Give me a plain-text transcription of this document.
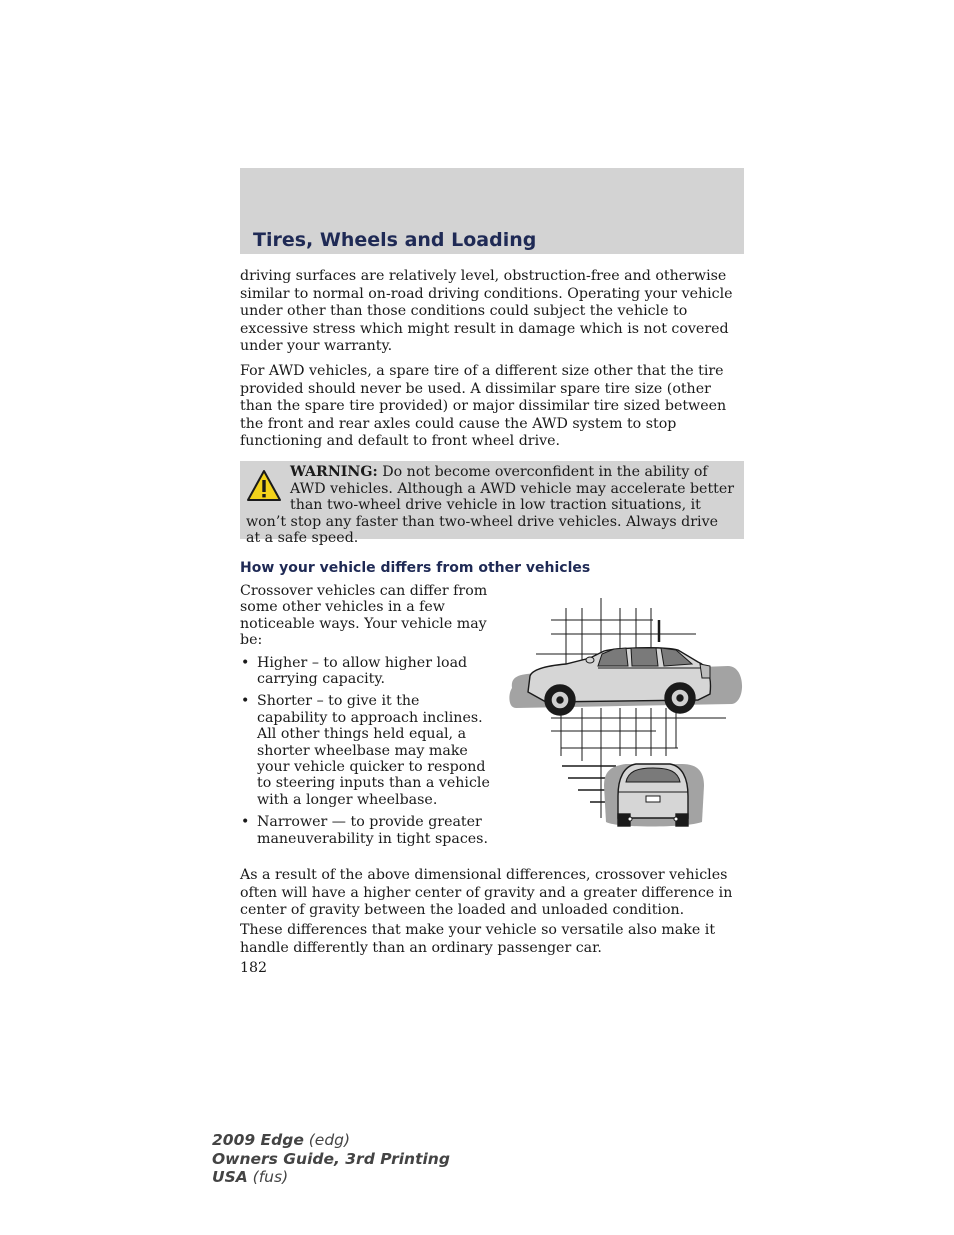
Tires, Wheels and Loading

driving surfaces are relatively level, obstruction-free and otherwise similar to normal on-road driving conditions. Operating your vehicle under other than those conditions could subject the vehicle to excessive stress which might result in damage which is not covered under your warranty.

For AWD vehicles, a spare tire of a different size other that the tire provided should never be used. A dissimilar spare tire size (other than the spare tire provided) or major dissimilar tire sized between the front and rear axles could cause the AWD system to stop functioning and default to front wheel drive.

WARNING: Do not become overconfident in the ability of AWD vehicles. Although a AWD vehicle may accelerate better than two-wheel drive vehicle in low traction situations, it won’t stop any faster than two-wheel drive vehicles. Always drive at a safe speed.
How your vehicle differs from other vehicles

Crossover vehicles can differ from some other vehicles in a few noticeable ways. Your vehicle may be:

• Higher – to allow higher load carrying capacity.
• Shorter – to give it the capability to approach inclines. All other things held equal, a shorter wheelbase may make your vehicle quicker to respond to steering inputs than a vehicle with a longer wheelbase.
• Narrower — to provide greater maneuverability in tight spaces.

As a result of the above dimensional differences, crossover vehicles often will have a higher center of gravity and a greater difference in center of gravity between the loaded and unloaded condition.

These differences that make your vehicle so versatile also make it handle differently than an ordinary passenger car.

182
2009 Edge (edg)
Owners Guide, 3rd Printing
USA (fus)
